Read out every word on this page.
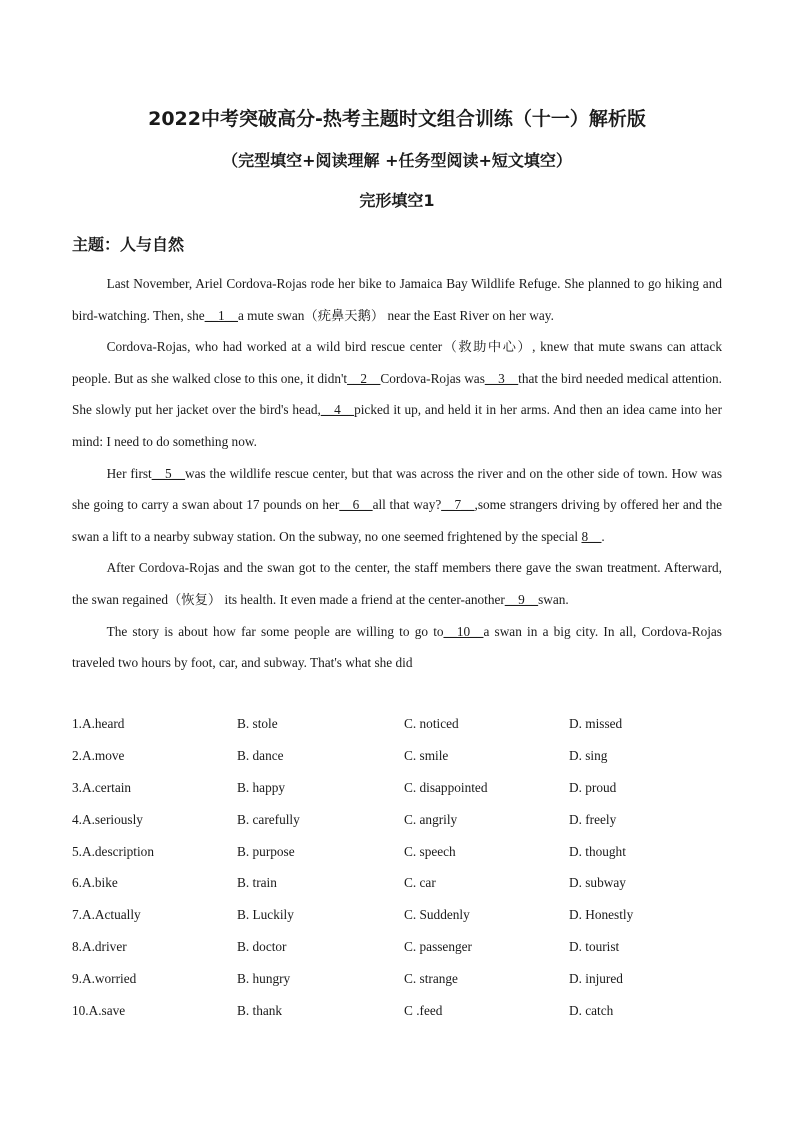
2022中考突破高分-热考主题时文组合训练（十一）解析版
（完型填空+阅读理解 +任务型阅读+短文填空）
完形填空1
主题：人与自然

Last November, Ariel Cordova-Rojas rode her bike to Jamaica Bay Wildlife Refuge. She planned to go hiking and bird-watching. Then, she__1__a mute swan（疣鼻天鹅） near the East River on her way.

Cordova-Rojas, who had worked at a wild bird rescue center（救助中心）, knew that mute swans can attack people. But as she walked close to this one, it didn't__2__Cordova-Rojas was__3__that the bird needed medical attention. She slowly put her jacket over the bird's head,__4__picked it up, and held it in her arms. And then an idea came into her mind: I need to do something now.

Her first__5__was the wildlife rescue center, but that was across the river and on the other side of town. How was she going to carry a swan about 17 pounds on her__6__all that way?__7__,some strangers driving by offered her and the swan a lift to a nearby subway station. On the subway, no one seemed frightened by the special 8__.

After Cordova-Rojas and the swan got to the center, the staff members there gave the swan treatment. Afterward, the swan regained（恢复） its health. It even made a friend at the center-another__9__swan.

The story is about how far some people are willing to go to__10__a swan in a big city. In all, Cordova-Rojas traveled two hours by foot, car, and subway. That's what she did

1.A.heard	B. stole	C. noticed	D. missed
2.A.move	B. dance	C. smile	D. sing
3.A.certain	B. happy	C. disappointed	D. proud
4.A.seriously	B. carefully	C. angrily	D. freely
5.A.description	B. purpose	C. speech	D. thought
6.A.bike	B. train	C. car	D. subway
7.A.Actually	B. Luckily	C. Suddenly	D. Honestly
8.A.driver	B. doctor	C. passenger	D. tourist
9.A.worried	B. hungry	C. strange	D. injured
10.A.save	B. thank	C .feed	D. catch
